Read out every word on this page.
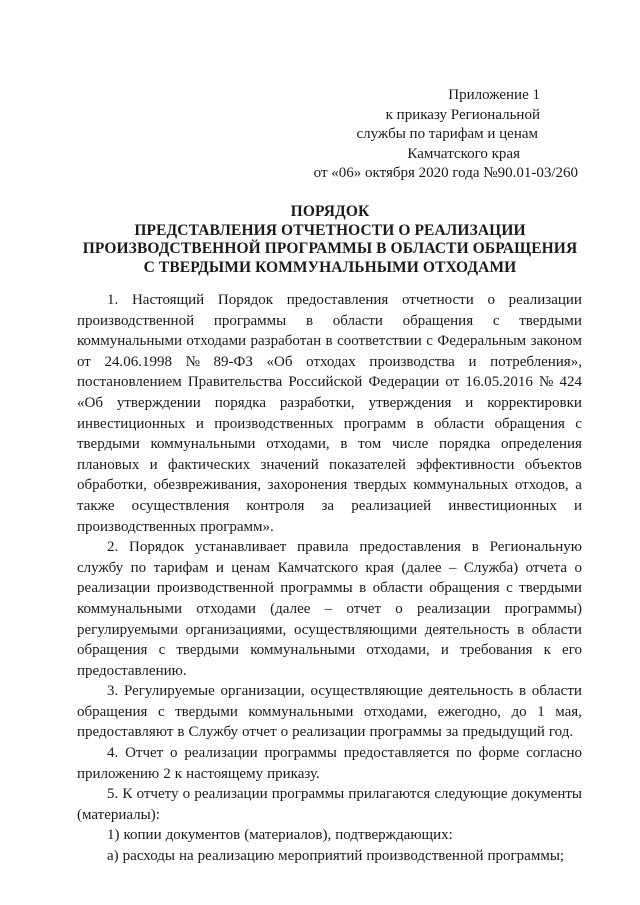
Приложение 1
к приказу Региональной
службы по тарифам и ценам
Камчатского края
от «06» октября 2020 года №90.01-03/260
ПОРЯДОК
ПРЕДСТАВЛЕНИЯ ОТЧЕТНОСТИ О РЕАЛИЗАЦИИ
ПРОИЗВОДСТВЕННОЙ ПРОГРАММЫ В ОБЛАСТИ ОБРАЩЕНИЯ
С ТВЕРДЫМИ КОММУНАЛЬНЫМИ ОТХОДАМИ
1. Настоящий Порядок предоставления отчетности о реализации
производственной программы в области обращения с твердыми
коммунальными отходами разработан в соответствии с Федеральным законом
от 24.06.1998 № 89-ФЗ «Об отходах производства и потребления»,
постановлением Правительства Российской Федерации от 16.05.2016 № 424
«Об утверждении порядка разработки, утверждения и корректировки
инвестиционных и производственных программ в области обращения с
твердыми коммунальными отходами, в том числе порядка определения
плановых и фактических значений показателей эффективности объектов
обработки, обезвреживания, захоронения твердых коммунальных отходов, а
также осуществления контроля за реализацией инвестиционных и
производственных программ».
2. Порядок устанавливает правила предоставления в Региональную
службу по тарифам и ценам Камчатского края (далее – Служба) отчета о
реализации производственной программы в области обращения с твердыми
коммунальными отходами (далее – отчет о реализации программы)
регулируемыми организациями, осуществляющими деятельность в области
обращения с твердыми коммунальными отходами, и требования к его
предоставлению.
3. Регулируемые организации, осуществляющие деятельность в области
обращения с твердыми коммунальными отходами, ежегодно, до 1 мая,
предоставляют в Службу отчет о реализации программы за предыдущий год.
4. Отчет о реализации программы предоставляется по форме согласно
приложению 2 к настоящему приказу.
5. К отчету о реализации программы прилагаются следующие документы
(материалы):
1) копии документов (материалов), подтверждающих:
а) расходы на реализацию мероприятий производственной программы;
